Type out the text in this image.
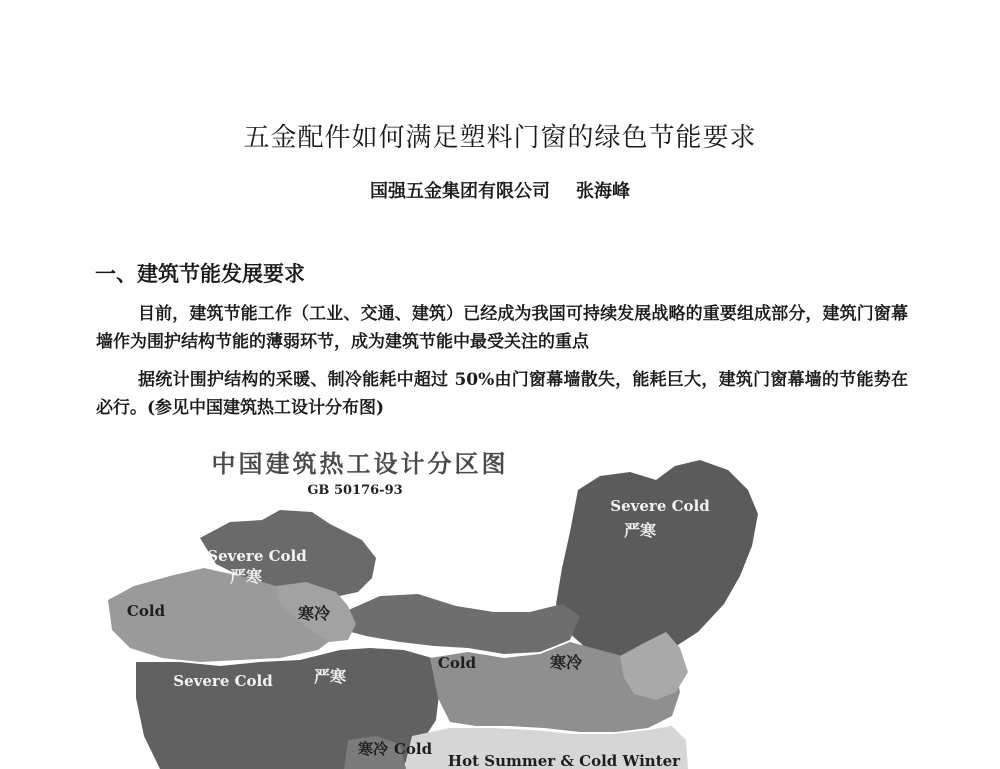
五金配件如何满足塑料门窗的绿色节能要求
国强五金集团有限公司 张海峰
一、建筑节能发展要求
目前，建筑节能工作（工业、交通、建筑）已经成为我国可持续发展战略的重要组成部分，建筑门窗幕墙作为围护结构节能的薄弱环节，成为建筑节能中最受关注的重点
据统计围护结构的采暖、制冷能耗中超过 50%由门窗幕墙散失，能耗巨大，建筑门窗幕墙的节能势在必行。(参见中国建筑热工设计分布图)
中国建筑热工设计分区图
GB 50176-93
Severe Cold
严寒
Severe Cold
严寒
Cold	寒冷
Severe Cold	严寒
Cold	寒冷
寒冷 Cold
Hot Summer & Cold Winter
